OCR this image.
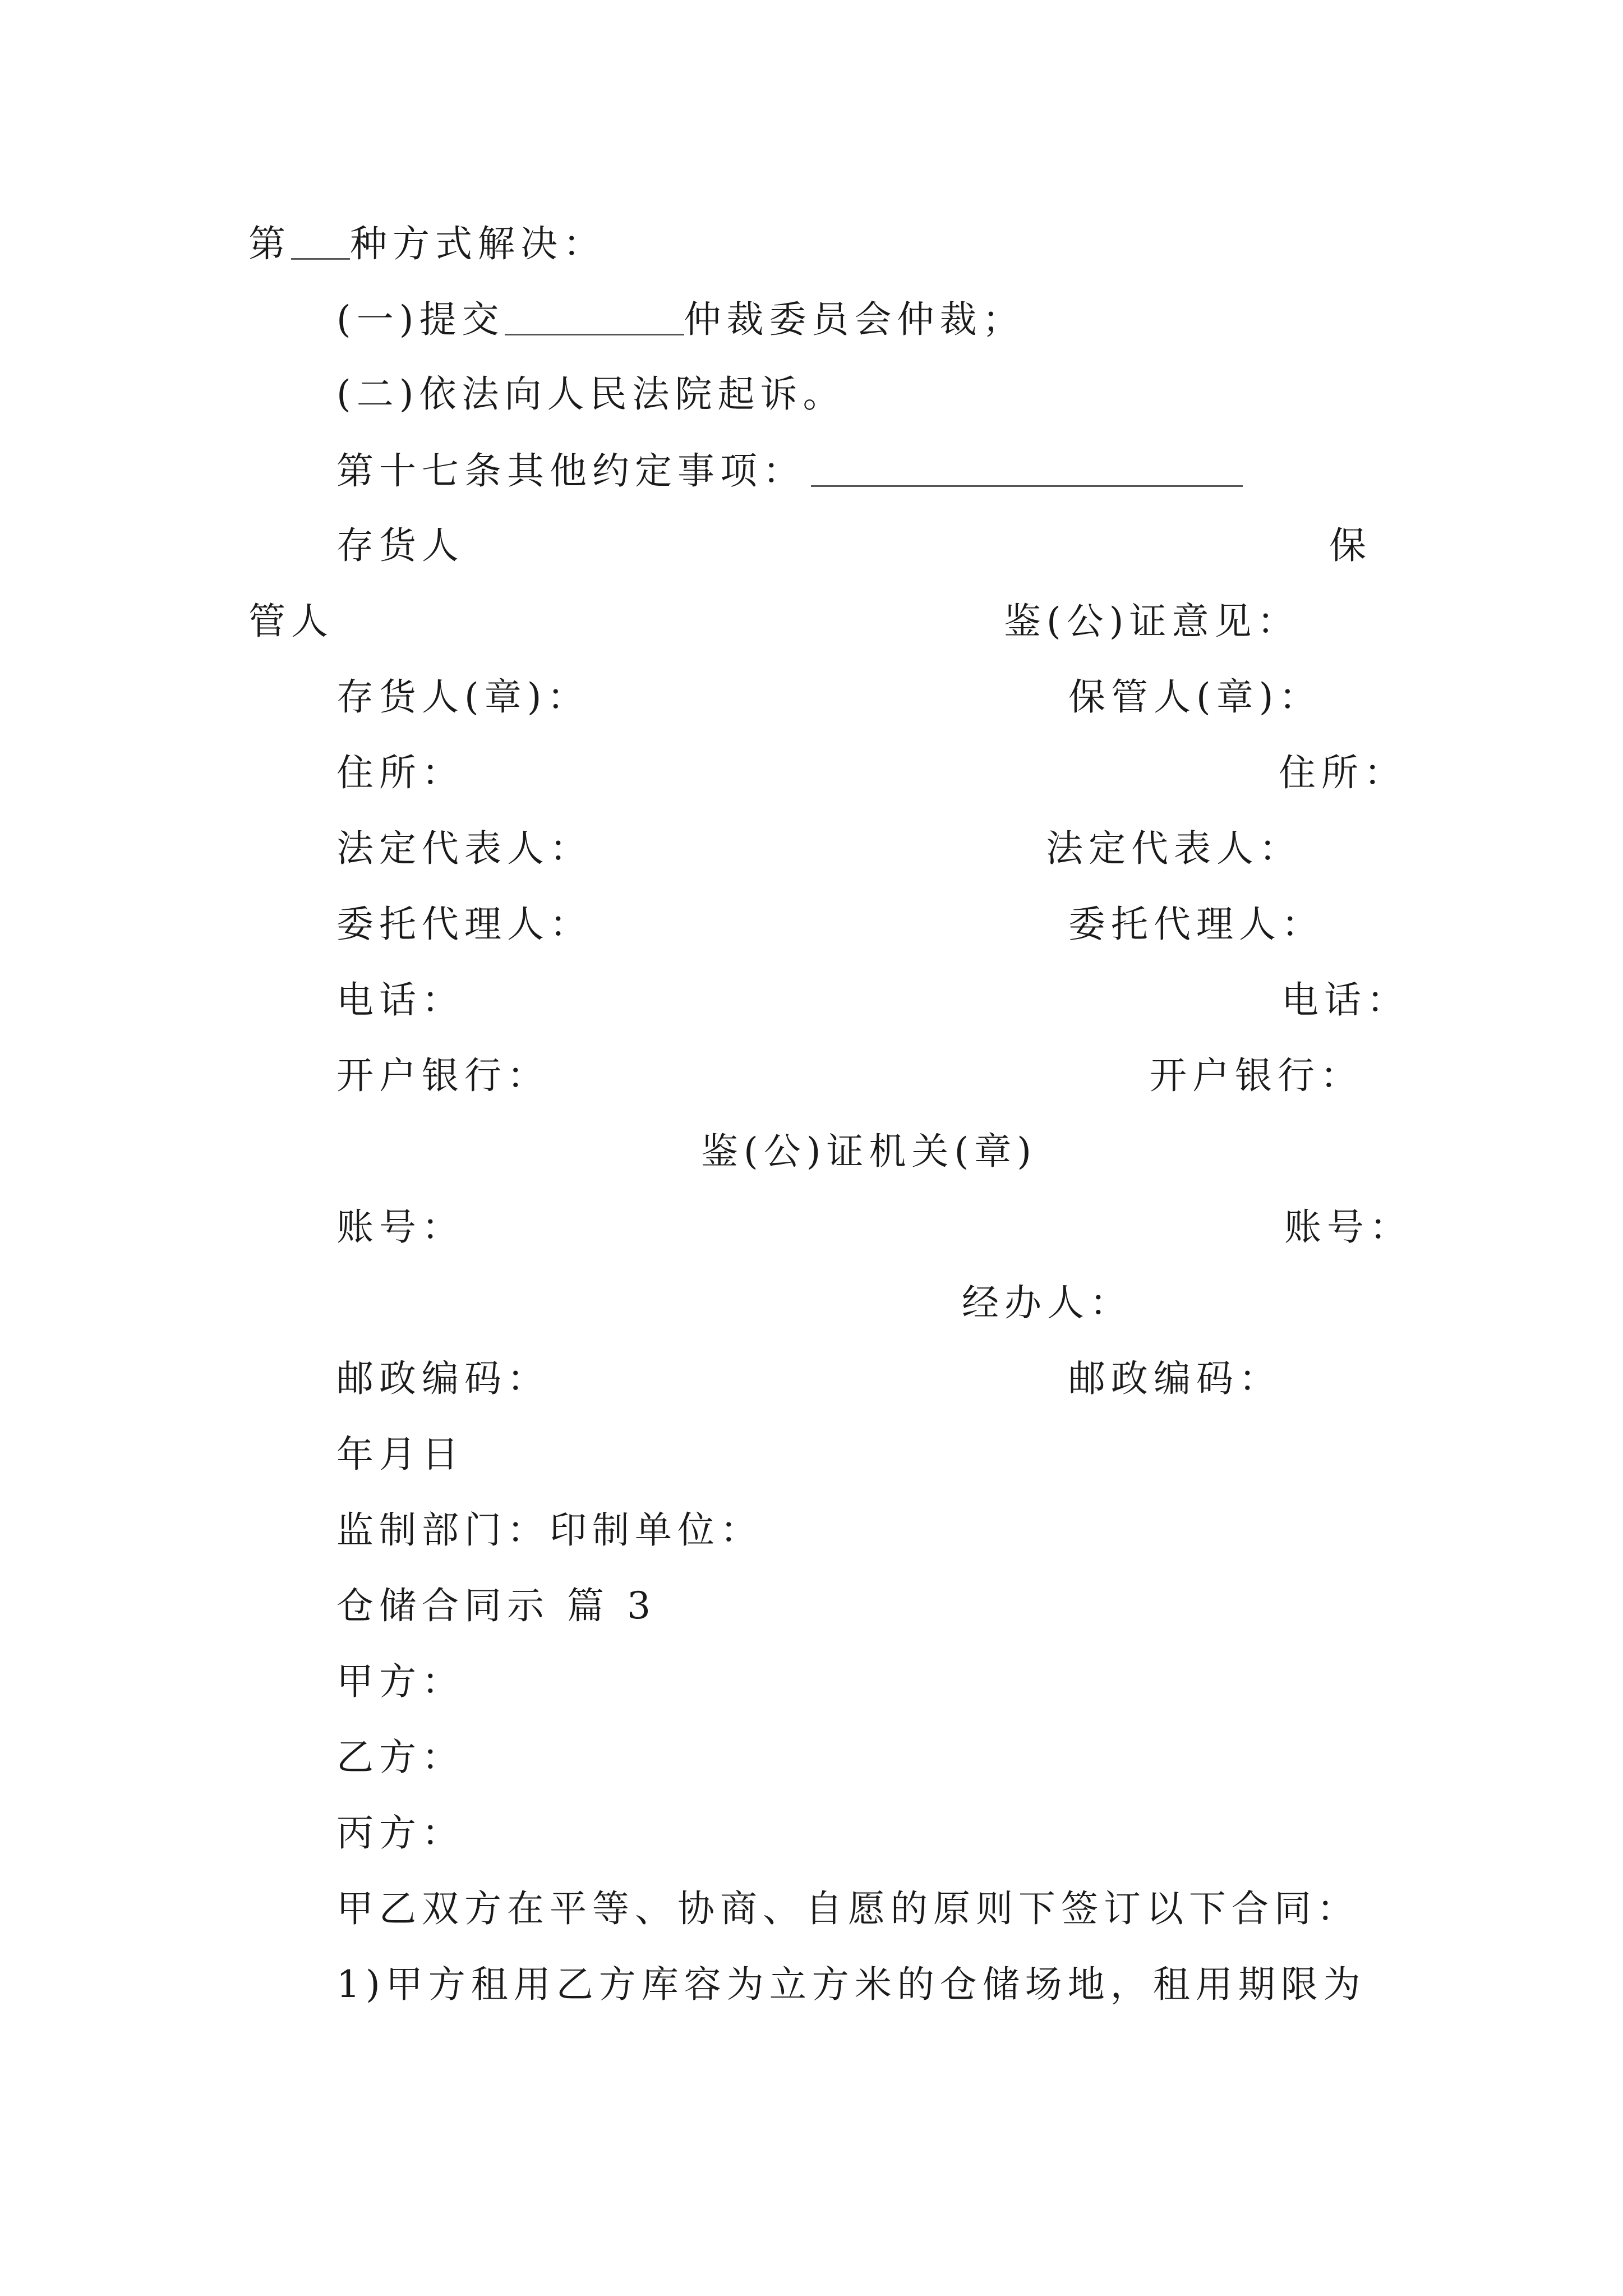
第 种方式解决：
(一)提交	仲裁委员会仲裁；
(二)依法向人民法院起诉。
第十七条其他约定事项：
存货人	保
管人	鉴(公)证意见：
存货人(章)：	保管人(章)：
住所：	住所：
法定代表人：	法定代表人：
委托代理人：	委托代理人：
电话：	电话：
开户银行：	开户银行：
鉴(公)证机关(章)
账号：	账号：
经办人：
邮政编码：	邮政编码：
年月日
监制部门：印制单位：
仓储合同示 篇 3
甲方：
乙方：
丙方：
甲乙双方在平等、协商、自愿的原则下签订以下合同：
1)甲方租用乙方库容为立方米的仓储场地，租用期限为
